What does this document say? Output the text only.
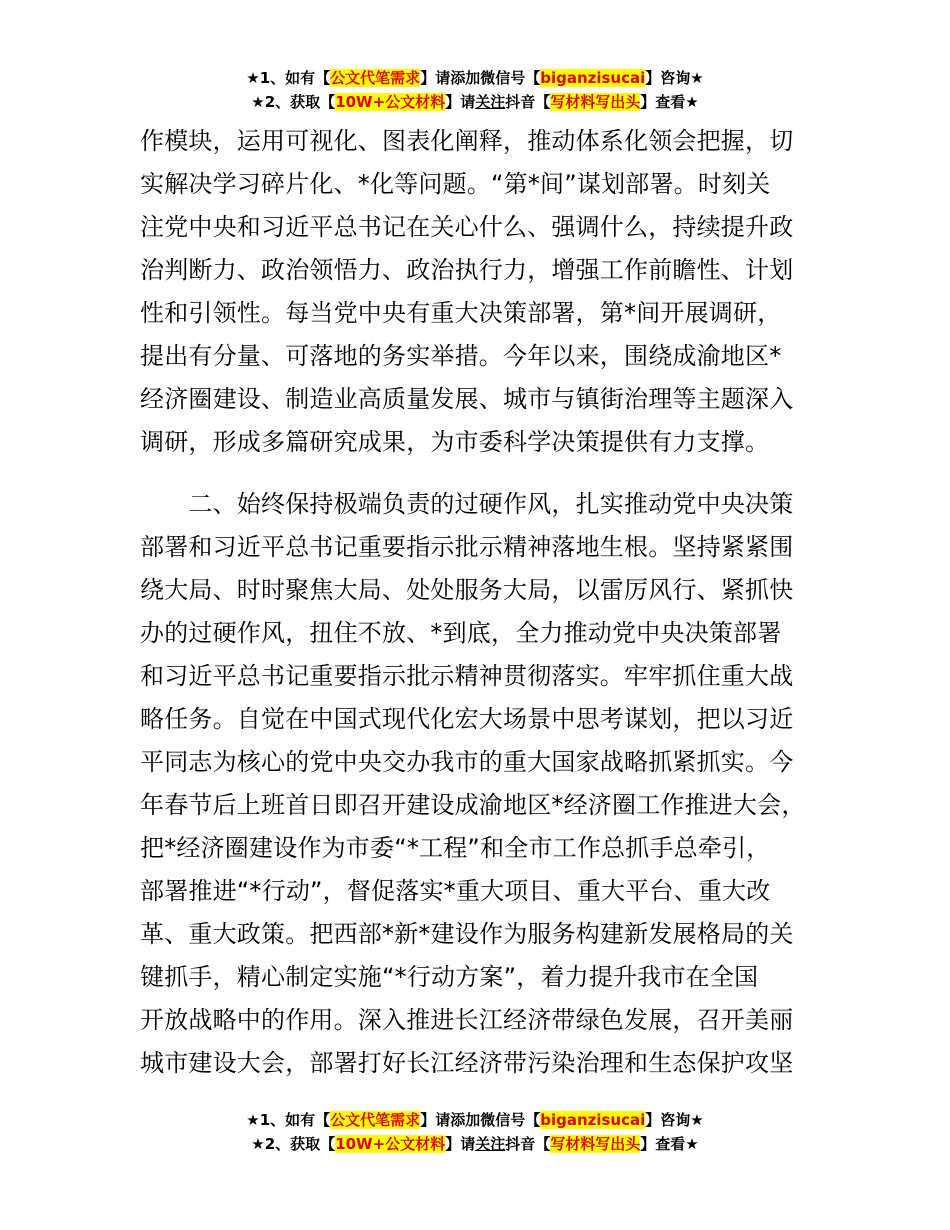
★1、如有【公文代笔需求】请添加微信号【biganzisucai】咨询★
★2、获取【10W+公文材料】请关注抖音【写材料写出头】查看★
作模块，运用可视化、图表化阐释，推动体系化领会把握，切
实解决学习碎片化、*化等问题。“第*间”谋划部署。时刻关
注党中央和习近平总书记在关心什么、强调什么，持续提升政
治判断力、政治领悟力、政治执行力，增强工作前瞻性、计划
性和引领性。每当党中央有重大决策部署，第*间开展调研，
提出有分量、可落地的务实举措。今年以来，围绕成渝地区*
经济圈建设、制造业高质量发展、城市与镇街治理等主题深入
调研，形成多篇研究成果，为市委科学决策提供有力支撑。
　　二、始终保持极端负责的过硬作风，扎实推动党中央决策
部署和习近平总书记重要指示批示精神落地生根。坚持紧紧围
绕大局、时时聚焦大局、处处服务大局，以雷厉风行、紧抓快
办的过硬作风，扭住不放、*到底，全力推动党中央决策部署
和习近平总书记重要指示批示精神贯彻落实。牢牢抓住重大战
略任务。自觉在中国式现代化宏大场景中思考谋划，把以习近
平同志为核心的党中央交办我市的重大国家战略抓紧抓实。今
年春节后上班首日即召开建设成渝地区*经济圈工作推进大会，
把*经济圈建设作为市委“*工程”和全市工作总抓手总牵引，
部署推进“*行动”，督促落实*重大项目、重大平台、重大改
革、重大政策。把西部*新*建设作为服务构建新发展格局的关
键抓手，精心制定实施“*行动方案”，着力提升我市在全国
开放战略中的作用。深入推进长江经济带绿色发展，召开美丽
城市建设大会，部署打好长江经济带污染治理和生态保护攻坚
★1、如有【公文代笔需求】请添加微信号【biganzisucai】咨询★
★2、获取【10W+公文材料】请关注抖音【写材料写出头】查看★
